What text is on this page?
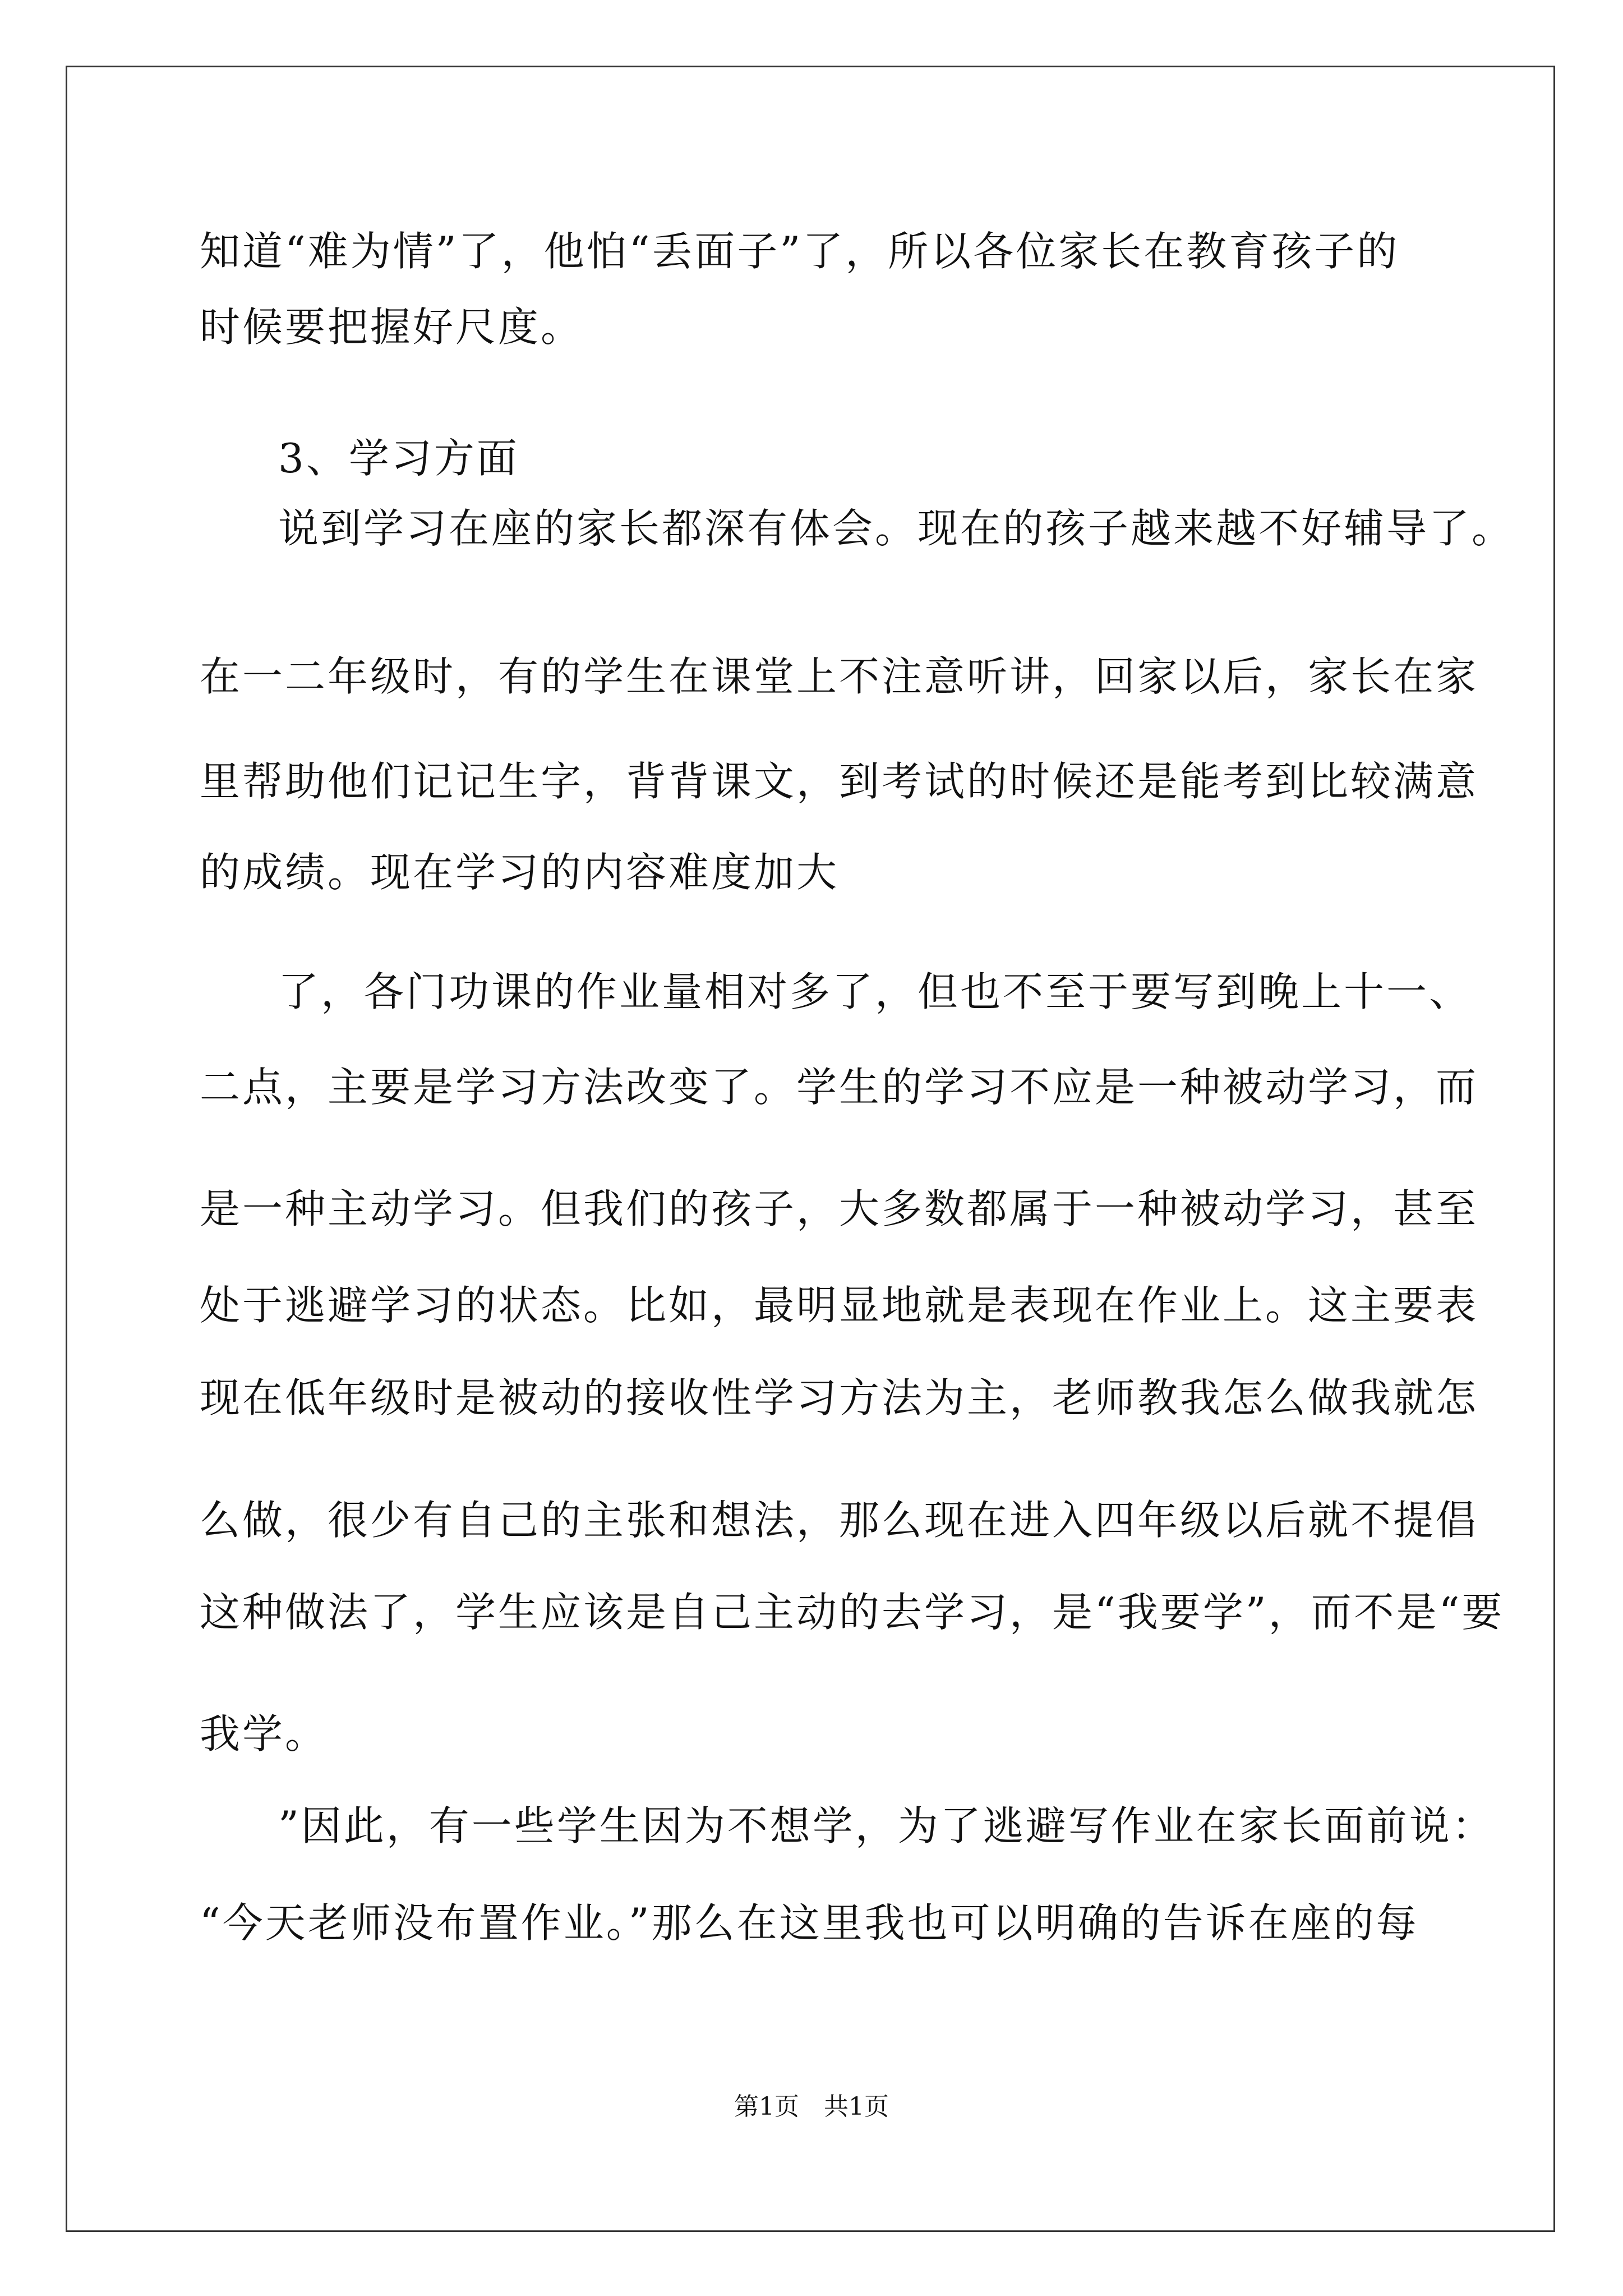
知道“难为情”了，他怕“丢面子”了，所以各位家长在教育孩子的
时候要把握好尺度。
3、学习方面
说到学习在座的家长都深有体会。现在的孩子越来越不好辅导了。
在一二年级时，有的学生在课堂上不注意听讲，回家以后，家长在家
里帮助他们记记生字，背背课文，到考试的时候还是能考到比较满意
的成绩。现在学习的内容难度加大
了，各门功课的作业量相对多了，但也不至于要写到晚上十一、
二点，主要是学习方法改变了。学生的学习不应是一种被动学习，而
是一种主动学习。但我们的孩子，大多数都属于一种被动学习，甚至
处于逃避学习的状态。比如，最明显地就是表现在作业上。这主要表
现在低年级时是被动的接收性学习方法为主，老师教我怎么做我就怎
么做，很少有自己的主张和想法，那么现在进入四年级以后就不提倡
这种做法了，学生应该是自己主动的去学习，是“我要学”，而不是“要
我学。
”因此，有一些学生因为不想学，为了逃避写作业在家长面前说：
“今天老师没布置作业。”那么在这里我也可以明确的告诉在座的每
第1页　共1页
